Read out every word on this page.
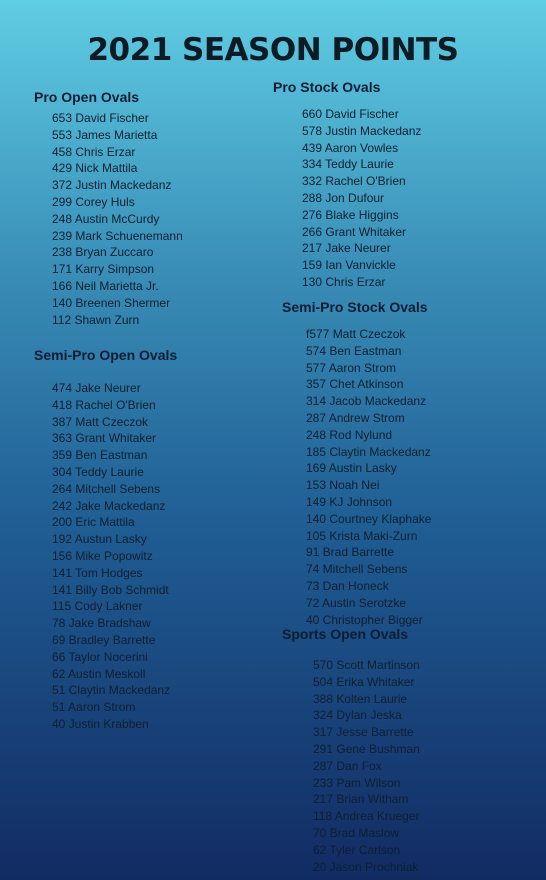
2021 SEASON POINTS
Pro Open Ovals
653 David Fischer
553 James Marietta
458 Chris Erzar
429 Nick Mattila
372 Justin Mackedanz
299 Corey Huls
248 Austin McCurdy
239 Mark Schuenemann
238 Bryan Zuccaro
171 Karry Simpson
166 Neil Marietta Jr.
140 Breenen Shermer
112 Shawn Zurn
Semi-Pro Open Ovals
474 Jake Neurer
418 Rachel O'Brien
387 Matt Czeczok
363 Grant Whitaker
359 Ben Eastman
304 Teddy Laurie
264 Mitchell Sebens
242 Jake Mackedanz
200 Eric Mattila
192 Austun Lasky
156 Mike Popowitz
141 Tom Hodges
141 Billy Bob Schmidt
115 Cody Lakner
78 Jake Bradshaw
69 Bradley Barrette
66 Taylor Nocerini
62 Austin Meskoll
51 Claytin Mackedanz
51 Aaron Strom
40 Justin Krabben
Pro Stock Ovals
660 David Fischer
578 Justin Mackedanz
439 Aaron Vowles
334 Teddy Laurie
332 Rachel O'Brien
288 Jon Dufour
276 Blake Higgins
266 Grant Whitaker
217 Jake Neurer
159 Ian Vanvickle
130 Chris Erzar
Semi-Pro Stock Ovals
f577 Matt Czeczok
574 Ben Eastman
577 Aaron Strom
357 Chet Atkinson
314 Jacob Mackedanz
287 Andrew Strom
248 Rod Nylund
185 Claytin Mackedanz
169 Austin Lasky
153 Noah Nei
149 KJ Johnson
140 Courtney Klaphake
105 Krista Maki-Zurn
91 Brad Barrette
74 Mitchell Sebens
73 Dan Honeck
72 Austin Serotzke
40 Christopher Bigger
Sports Open Ovals
570 Scott Martinson
504 Erika Whitaker
388 Kolten Laurie
324 Dylan Jeska
317 Jesse Barrette
291 Gene Bushman
287 Dan Fox
233 Pam Wilson
217 Brian Witham
118 Andrea Krueger
70 Brad Maslow
62 Tyler Carlson
20 Jason Prochniak
